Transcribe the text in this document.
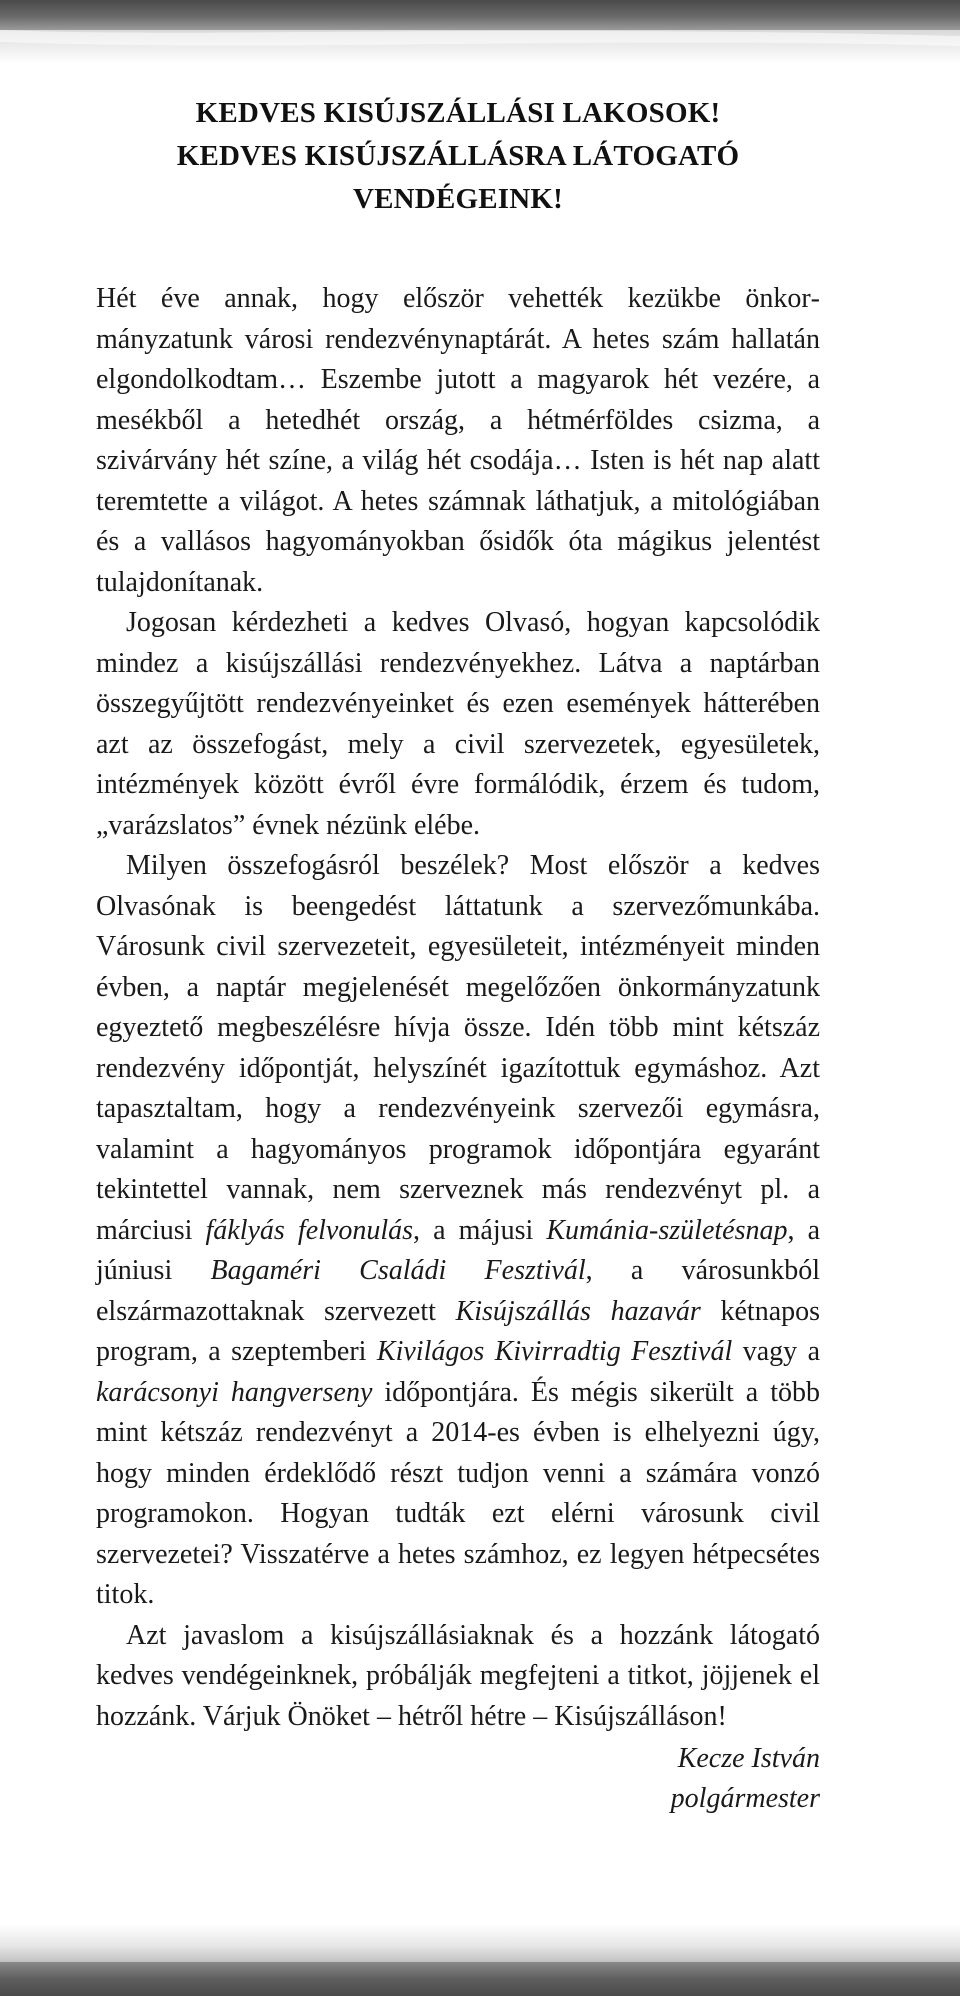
KEDVES KISÚJSZÁLLÁSI LAKOSOK!
KEDVES KISÚJSZÁLLÁSRA LÁTOGATÓ
VENDÉGEINK!

Hét éve annak, hogy először vehették kezükbe önkormányzatunk városi rendezvénynaptárát. A hetes szám hallatán elgondolkodtam… Eszembe jutott a magyarok hét vezére, a mesékből a hetedhét ország, a hétmérföldes csizma, a szivárvány hét színe, a világ hét csodája… Isten is hét nap alatt teremtette a világot. A hetes számnak láthatjuk, a mitológiában és a vallásos hagyományokban ősidők óta mágikus jelentést tulajdonítanak.

Jogosan kérdezheti a kedves Olvasó, hogyan kapcsolódik mindez a kisújszállási rendezvényekhez. Látva a naptárban összegyűjtött rendezvényeinket és ezen események hátterében azt az összefogást, mely a civil szervezetek, egyesületek, intézmények között évről évre formálódik, érzem és tudom, „varázslatos” évnek nézünk elébe.

Milyen összefogásról beszélek? Most először a kedves Olvasónak is beengedést láttatunk a szervezőmunkába. Városunk civil szervezeteit, egyesületeit, intézményeit minden évben, a naptár megjelenését megelőzően önkormányzatunk egyeztető megbeszélésre hívja össze. Idén több mint kétszáz rendezvény időpontját, helyszínét igazítottuk egymáshoz. Azt tapasztaltam, hogy a rendezvényeink szervezői egymásra, valamint a hagyományos programok időpontjára egyaránt tekintettel vannak, nem szerveznek más rendezvényt pl. a márciusi fáklyás felvonulás, a májusi Kumánia-születésnap, a júniusi Bagaméri Családi Fesztivál, a városunkból elszármazottaknak szervezett Kisújszállás hazavár kétnapos program, a szeptemberi Kivilágos Kivirradtig Fesztivál vagy a karácsonyi hangverseny időpontjára. És mégis sikerült a több mint kétszáz rendezvényt a 2014-es évben is elhelyezni úgy, hogy minden érdeklődő részt tudjon venni a számára vonzó programokon. Hogyan tudták ezt elérni városunk civil szervezetei? Visszatérve a hetes számhoz, ez legyen hétpecsétes titok.

Azt javaslom a kisújszállásiaknak és a hozzánk látogató kedves vendégeinknek, próbálják megfejteni a titkot, jöjjenek el hozzánk. Várjuk Önöket – hétről hétre – Kisújszálláson!

Kecze István
polgármester
